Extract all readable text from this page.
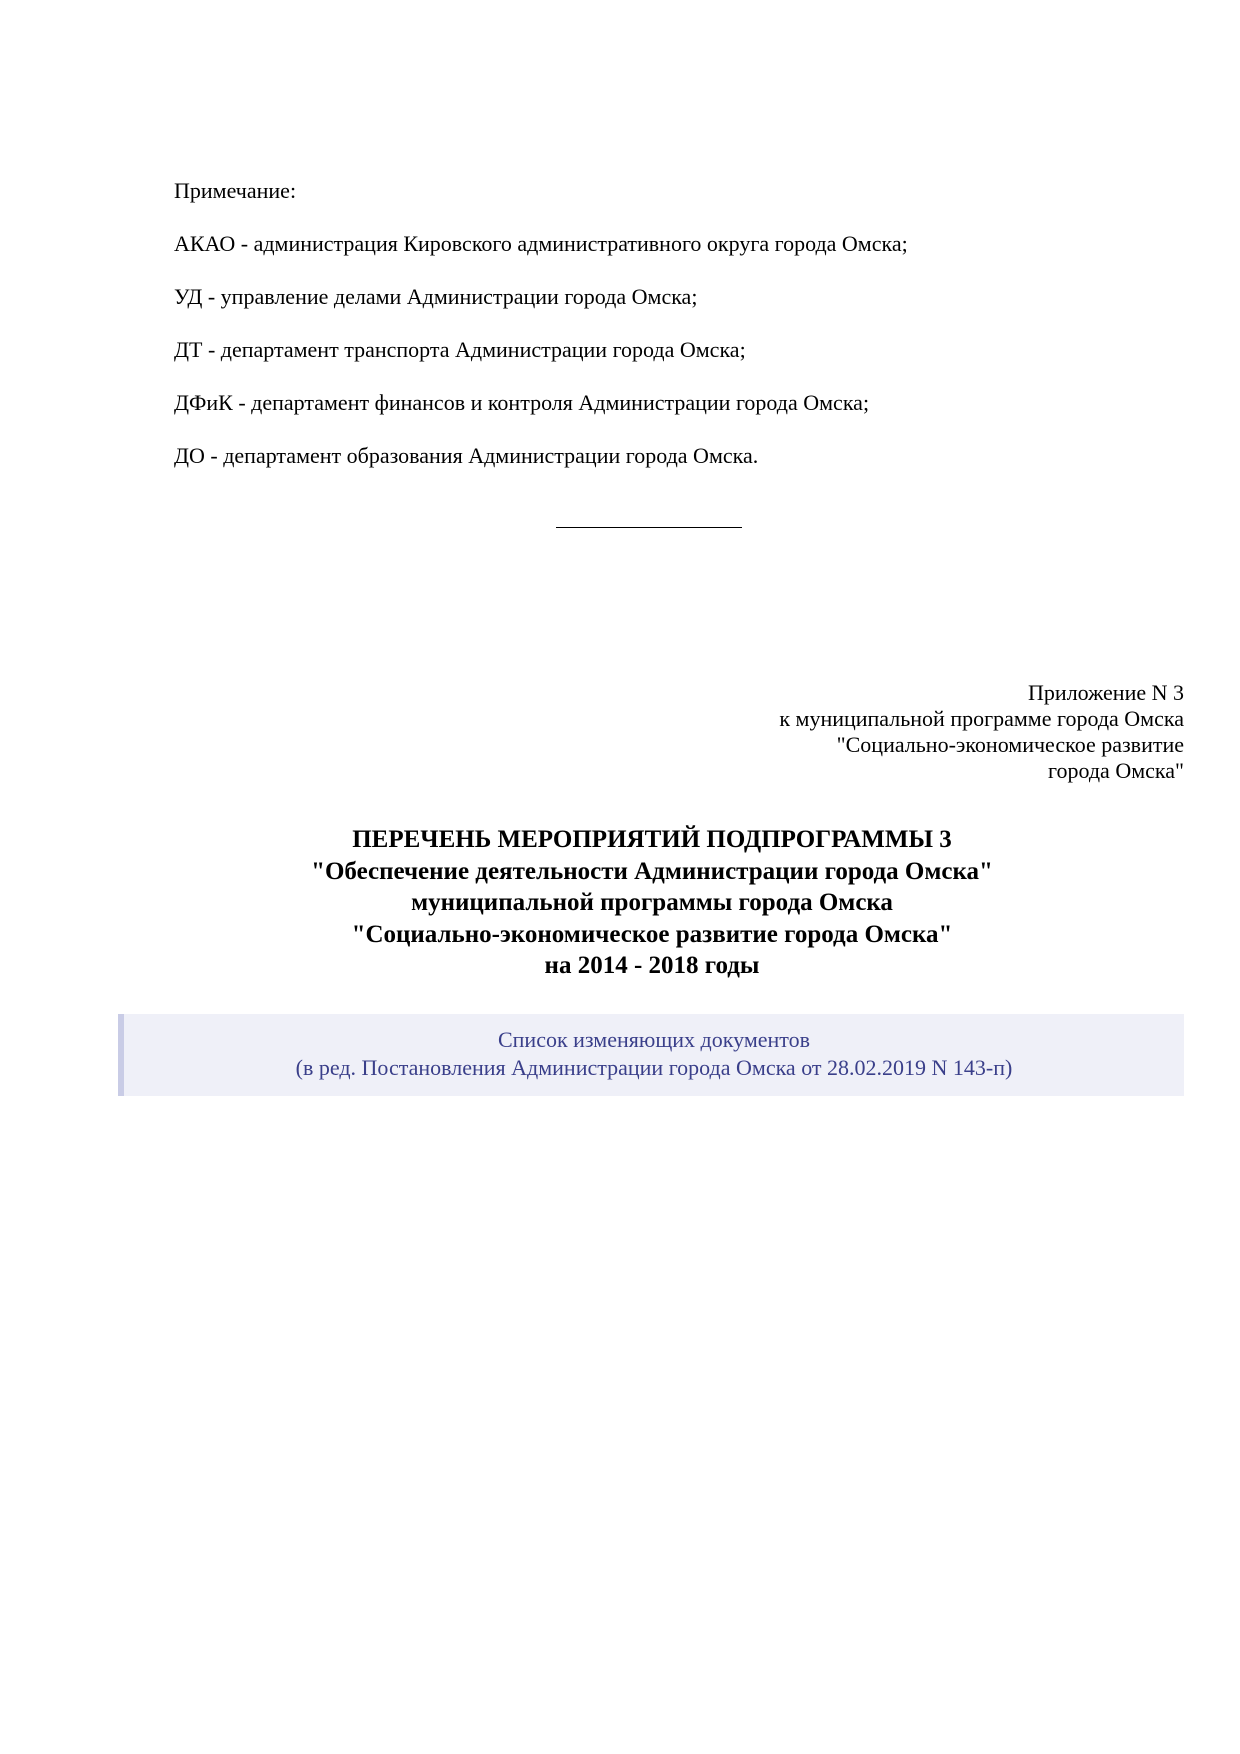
Примечание:

АКАО - администрация Кировского административного округа города Омска;

УД - управление делами Администрации города Омска;

ДТ - департамент транспорта Администрации города Омска;

ДФиК - департамент финансов и контроля Администрации города Омска;

ДО - департамент образования Администрации города Омска.

Приложение N 3
к муниципальной программе города Омска
"Социально-экономическое развитие
города Омска"
ПЕРЕЧЕНЬ МЕРОПРИЯТИЙ ПОДПРОГРАММЫ 3
"Обеспечение деятельности Администрации города Омска"
муниципальной программы города Омска
"Социально-экономическое развитие города Омска"
на 2014 - 2018 годы
Список изменяющих документов
(в ред. Постановления Администрации города Омска от 28.02.2019 N 143-п)
